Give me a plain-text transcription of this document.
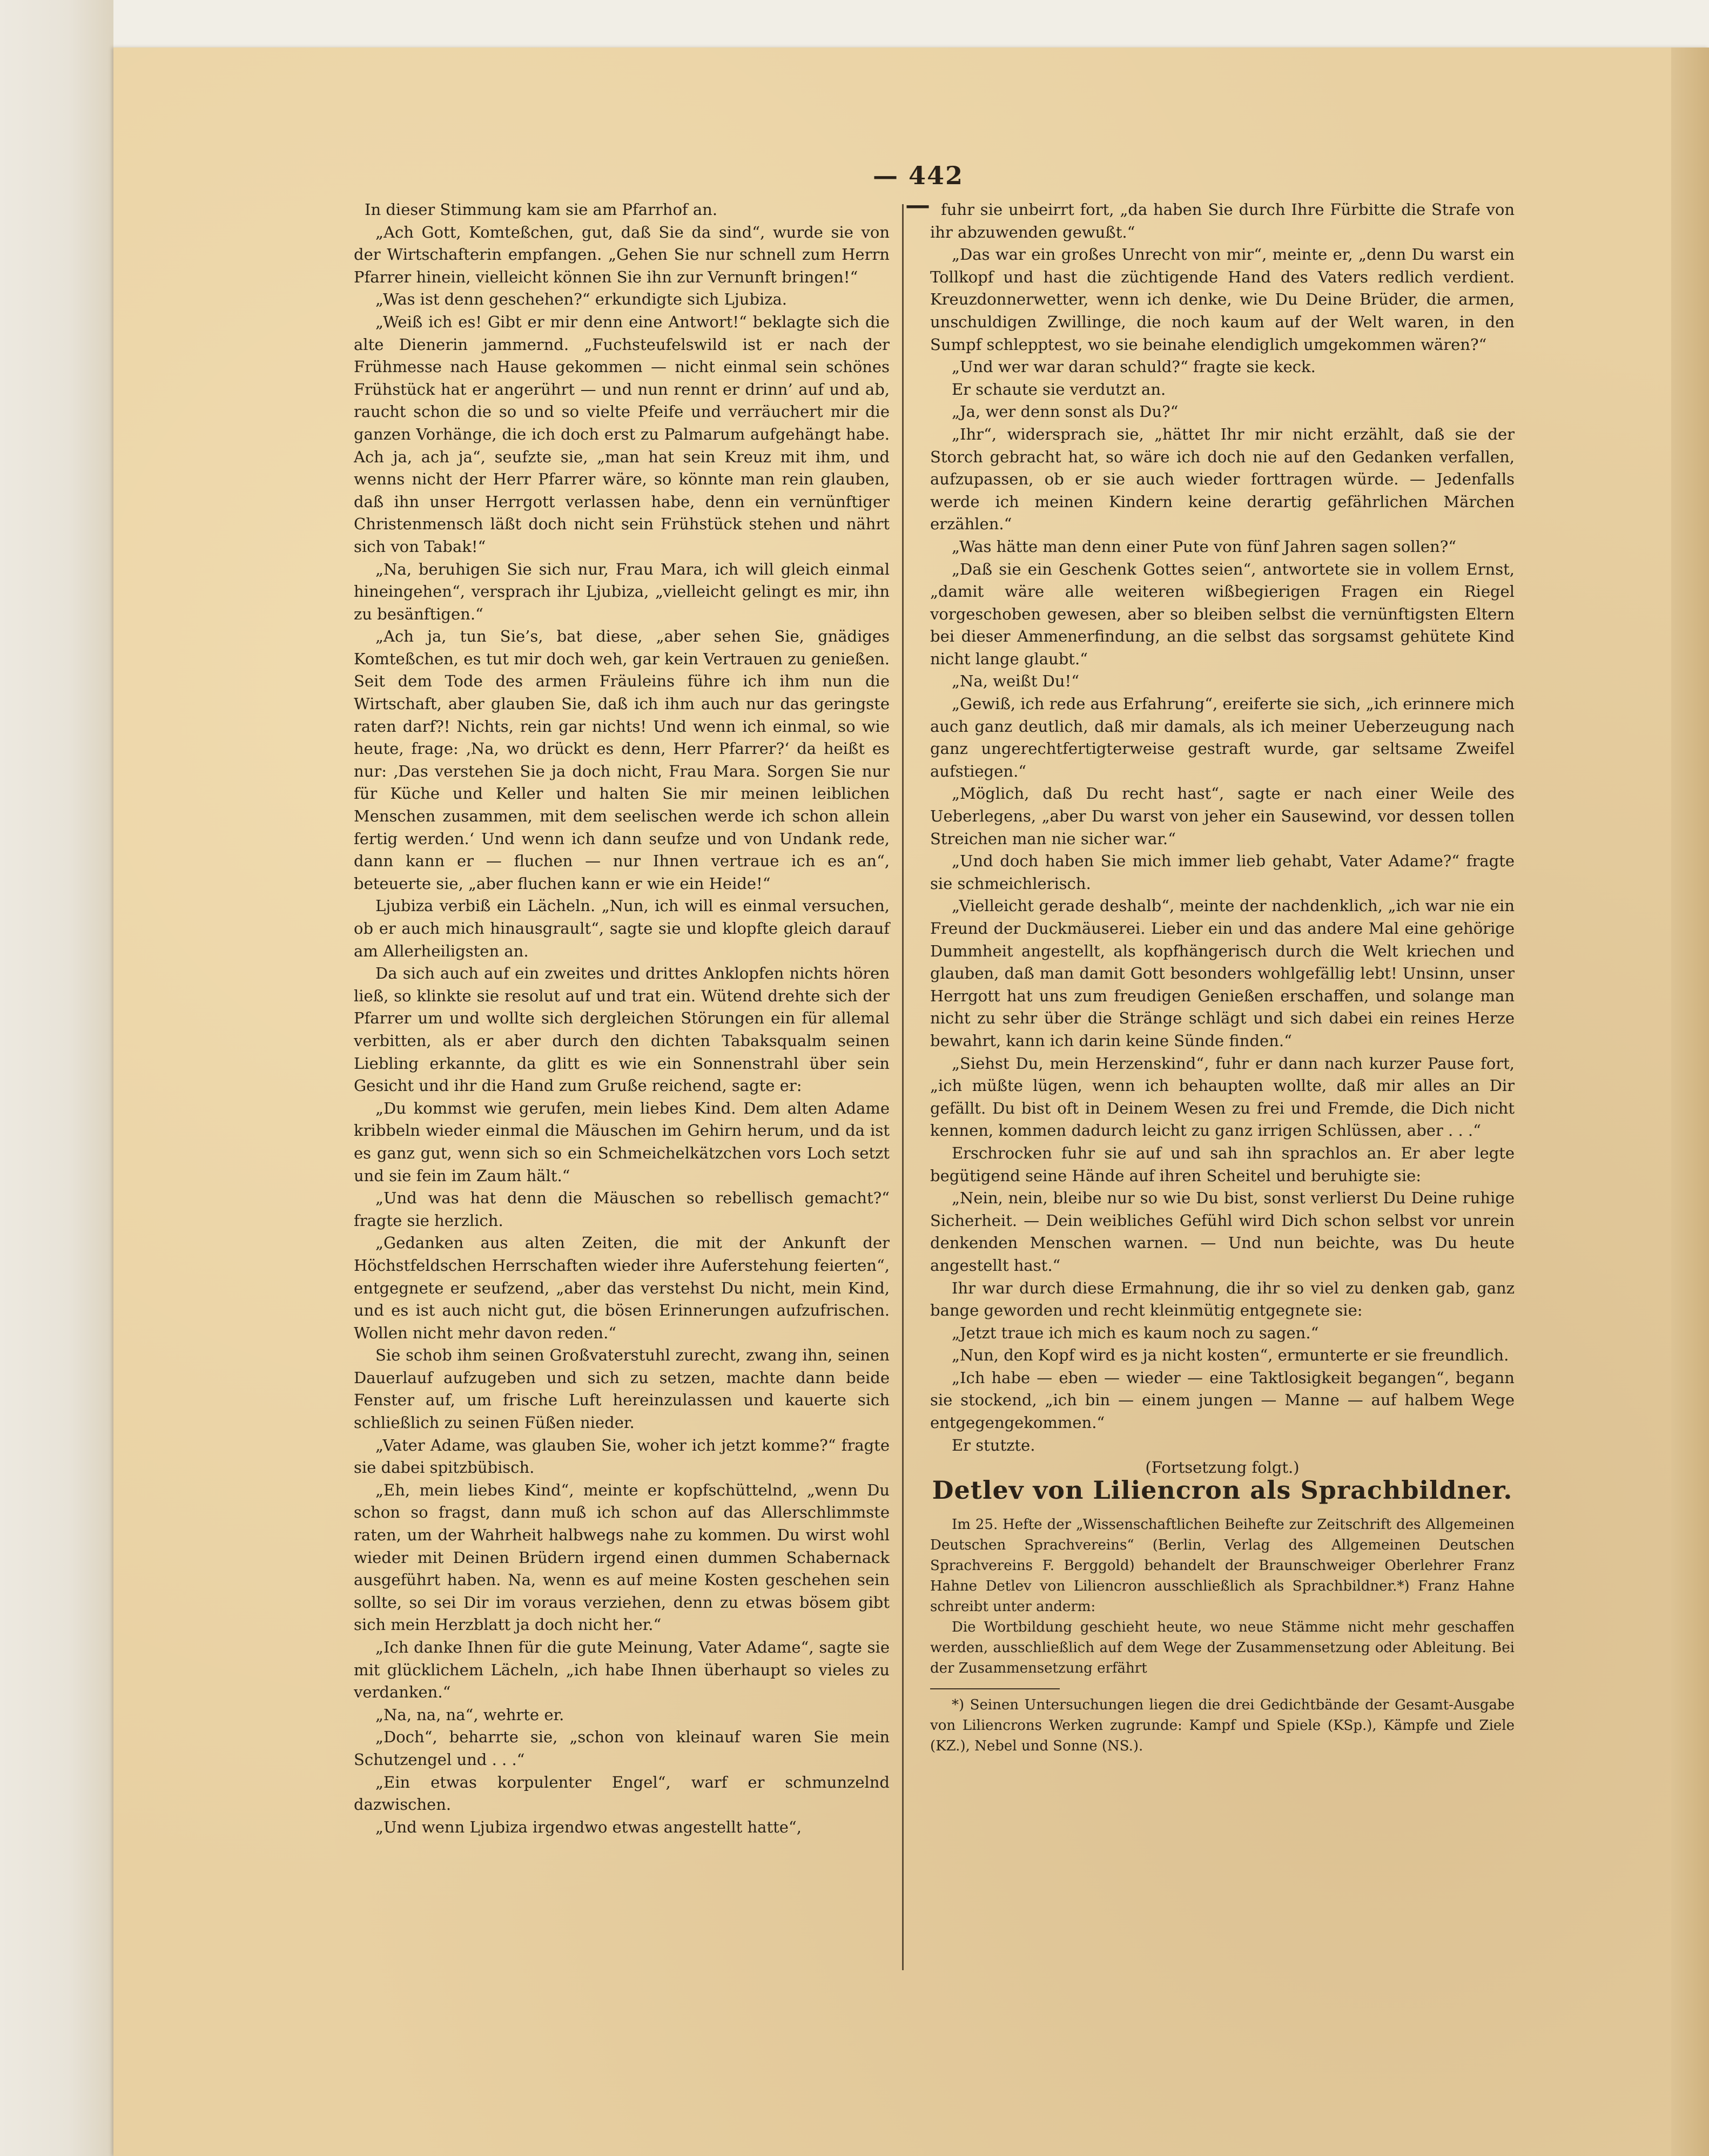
— 442 —

In dieser Stimmung kam sie am Pfarrhof an.

„Ach Gott, Komteßchen, gut, daß Sie da sind“, wurde sie von der Wirtschafterin empfangen. „Gehen Sie nur schnell zum Herrn Pfarrer hinein, vielleicht können Sie ihn zur Vernunft bringen!“

„Was ist denn geschehen?“ erkundigte sich Ljubiza.

„Weiß ich es! Gibt er mir denn eine Antwort!“ beklagte sich die alte Dienerin jammernd. „Fuchsteufelswild ist er nach der Frühmesse nach Hause gekommen — nicht einmal sein schönes Frühstück hat er angerührt — und nun rennt er drinn’ auf und ab, raucht schon die so und so vielte Pfeife und verräuchert mir die ganzen Vorhänge, die ich doch erst zu Palmarum aufgehängt habe. Ach ja, ach ja“, seufzte sie, „man hat sein Kreuz mit ihm, und wenns nicht der Herr Pfarrer wäre, so könnte man rein glauben, daß ihn unser Herrgott verlassen habe, denn ein vernünftiger Christenmensch läßt doch nicht sein Frühstück stehen und nährt sich von Tabak!“

„Na, beruhigen Sie sich nur, Frau Mara, ich will gleich einmal hineingehen“, versprach ihr Ljubiza, „vielleicht gelingt es mir, ihn zu besänftigen.“

„Ach ja, tun Sie’s, bat diese, „aber sehen Sie, gnädiges Komteßchen, es tut mir doch weh, gar kein Vertrauen zu genießen. Seit dem Tode des armen Fräuleins führe ich ihm nun die Wirtschaft, aber glauben Sie, daß ich ihm auch nur das geringste raten darf?! Nichts, rein gar nichts! Und wenn ich einmal, so wie heute, frage: ‚Na, wo drückt es denn, Herr Pfarrer?‘ da heißt es nur: ‚Das verstehen Sie ja doch nicht, Frau Mara. Sorgen Sie nur für Küche und Keller und halten Sie mir meinen leiblichen Menschen zusammen, mit dem seelischen werde ich schon allein fertig werden.‘ Und wenn ich dann seufze und von Undank rede, dann kann er — fluchen — nur Ihnen vertraue ich es an“, beteuerte sie, „aber fluchen kann er wie ein Heide!“

Ljubiza verbiß ein Lächeln. „Nun, ich will es einmal versuchen, ob er auch mich hinausgrault“, sagte sie und klopfte gleich darauf am Allerheiligsten an.

Da sich auch auf ein zweites und drittes Anklopfen nichts hören ließ, so klinkte sie resolut auf und trat ein. Wütend drehte sich der Pfarrer um und wollte sich dergleichen Störungen ein für allemal verbitten, als er aber durch den dichten Tabaksqualm seinen Liebling erkannte, da glitt es wie ein Sonnenstrahl über sein Gesicht und ihr die Hand zum Gruße reichend, sagte er:

„Du kommst wie gerufen, mein liebes Kind. Dem alten Adame kribbeln wieder einmal die Mäuschen im Gehirn herum, und da ist es ganz gut, wenn sich so ein Schmeichelkätzchen vors Loch setzt und sie fein im Zaum hält.“

„Und was hat denn die Mäuschen so rebellisch gemacht?“ fragte sie herzlich.

„Gedanken aus alten Zeiten, die mit der Ankunft der Höchstfeldschen Herrschaften wieder ihre Auferstehung feierten“, entgegnete er seufzend, „aber das verstehst Du nicht, mein Kind, und es ist auch nicht gut, die bösen Erinnerungen aufzufrischen. Wollen nicht mehr davon reden.“

Sie schob ihm seinen Großvaterstuhl zurecht, zwang ihn, seinen Dauerlauf aufzugeben und sich zu setzen, machte dann beide Fenster auf, um frische Luft hereinzulassen und kauerte sich schließlich zu seinen Füßen nieder.

„Vater Adame, was glauben Sie, woher ich jetzt komme?“ fragte sie dabei spitzbübisch.

„Eh, mein liebes Kind“, meinte er kopfschüttelnd, „wenn Du schon so fragst, dann muß ich schon auf das Allerschlimmste raten, um der Wahrheit halbwegs nahe zu kommen. Du wirst wohl wieder mit Deinen Brüdern irgend einen dummen Schabernack ausgeführt haben. Na, wenn es auf meine Kosten geschehen sein sollte, so sei Dir im voraus verziehen, denn zu etwas bösem gibt sich mein Herzblatt ja doch nicht her.“

„Ich danke Ihnen für die gute Meinung, Vater Adame“, sagte sie mit glücklichem Lächeln, „ich habe Ihnen überhaupt so vieles zu verdanken.“

„Na, na, na“, wehrte er.

„Doch“, beharrte sie, „schon von kleinauf waren Sie mein Schutzengel und . . .“

„Ein etwas korpulenter Engel“, warf er schmunzelnd dazwischen.

„Und wenn Ljubiza irgendwo etwas angestellt hatte“,

fuhr sie unbeirrt fort, „da haben Sie durch Ihre Fürbitte die Strafe von ihr abzuwenden gewußt.“

„Das war ein großes Unrecht von mir“, meinte er, „denn Du warst ein Tollkopf und hast die züchtigende Hand des Vaters redlich verdient. Kreuzdonnerwetter, wenn ich denke, wie Du Deine Brüder, die armen, unschuldigen Zwillinge, die noch kaum auf der Welt waren, in den Sumpf schlepptest, wo sie beinahe elendiglich umgekommen wären?“

„Und wer war daran schuld?“ fragte sie keck.

Er schaute sie verdutzt an.

„Ja, wer denn sonst als Du?“

„Ihr“, widersprach sie, „hättet Ihr mir nicht erzählt, daß sie der Storch gebracht hat, so wäre ich doch nie auf den Gedanken verfallen, aufzupassen, ob er sie auch wieder forttragen würde. — Jedenfalls werde ich meinen Kindern keine derartig gefährlichen Märchen erzählen.“

„Was hätte man denn einer Pute von fünf Jahren sagen sollen?“

„Daß sie ein Geschenk Gottes seien“, antwortete sie in vollem Ernst, „damit wäre alle weiteren wißbegierigen Fragen ein Riegel vorgeschoben gewesen, aber so bleiben selbst die vernünftigsten Eltern bei dieser Ammenerfindung, an die selbst das sorgsamst gehütete Kind nicht lange glaubt.“

„Na, weißt Du!“

„Gewiß, ich rede aus Erfahrung“, ereiferte sie sich, „ich erinnere mich auch ganz deutlich, daß mir damals, als ich meiner Ueberzeugung nach ganz ungerechtfertigterweise gestraft wurde, gar seltsame Zweifel aufstiegen.“

„Möglich, daß Du recht hast“, sagte er nach einer Weile des Ueberlegens, „aber Du warst von jeher ein Sausewind, vor dessen tollen Streichen man nie sicher war.“

„Und doch haben Sie mich immer lieb gehabt, Vater Adame?“ fragte sie schmeichlerisch.

„Vielleicht gerade deshalb“, meinte der nachdenklich, „ich war nie ein Freund der Duckmäuserei. Lieber ein und das andere Mal eine gehörige Dummheit angestellt, als kopfhängerisch durch die Welt kriechen und glauben, daß man damit Gott besonders wohlgefällig lebt! Unsinn, unser Herrgott hat uns zum freudigen Genießen erschaffen, und solange man nicht zu sehr über die Stränge schlägt und sich dabei ein reines Herze bewahrt, kann ich darin keine Sünde finden.“

„Siehst Du, mein Herzenskind“, fuhr er dann nach kurzer Pause fort, „ich müßte lügen, wenn ich behaupten wollte, daß mir alles an Dir gefällt. Du bist oft in Deinem Wesen zu frei und Fremde, die Dich nicht kennen, kommen dadurch leicht zu ganz irrigen Schlüssen, aber . . .“

Erschrocken fuhr sie auf und sah ihn sprachlos an. Er aber legte begütigend seine Hände auf ihren Scheitel und beruhigte sie:

„Nein, nein, bleibe nur so wie Du bist, sonst verlierst Du Deine ruhige Sicherheit. — Dein weibliches Gefühl wird Dich schon selbst vor unrein denkenden Menschen warnen. — Und nun beichte, was Du heute angestellt hast.“

Ihr war durch diese Ermahnung, die ihr so viel zu denken gab, ganz bange geworden und recht kleinmütig entgegnete sie:

„Jetzt traue ich mich es kaum noch zu sagen.“

„Nun, den Kopf wird es ja nicht kosten“, ermunterte er sie freundlich.

„Ich habe — eben — wieder — eine Taktlosigkeit begangen“, begann sie stockend, „ich bin — einem jungen — Manne — auf halbem Wege entgegengekommen.“

Er stutzte.

(Fortsetzung folgt.)

Detlev von Liliencron als Sprachbildner.

Im 25. Hefte der „Wissenschaftlichen Beihefte zur Zeitschrift des Allgemeinen Deutschen Sprachvereins“ (Berlin, Verlag des Allgemeinen Deutschen Sprachvereins F. Berggold) behandelt der Braunschweiger Oberlehrer Franz Hahne Detlev von Liliencron ausschließlich als Sprachbildner.*) Franz Hahne schreibt unter anderm:

Die Wortbildung geschieht heute, wo neue Stämme nicht mehr geschaffen werden, ausschließlich auf dem Wege der Zusammensetzung oder Ableitung. Bei der Zusammensetzung erfährt

*) Seinen Untersuchungen liegen die drei Gedichtbände der Gesamt-Ausgabe von Liliencrons Werken zugrunde: Kampf und Spiele (KSp.), Kämpfe und Ziele (KZ.), Nebel und Sonne (NS.).
